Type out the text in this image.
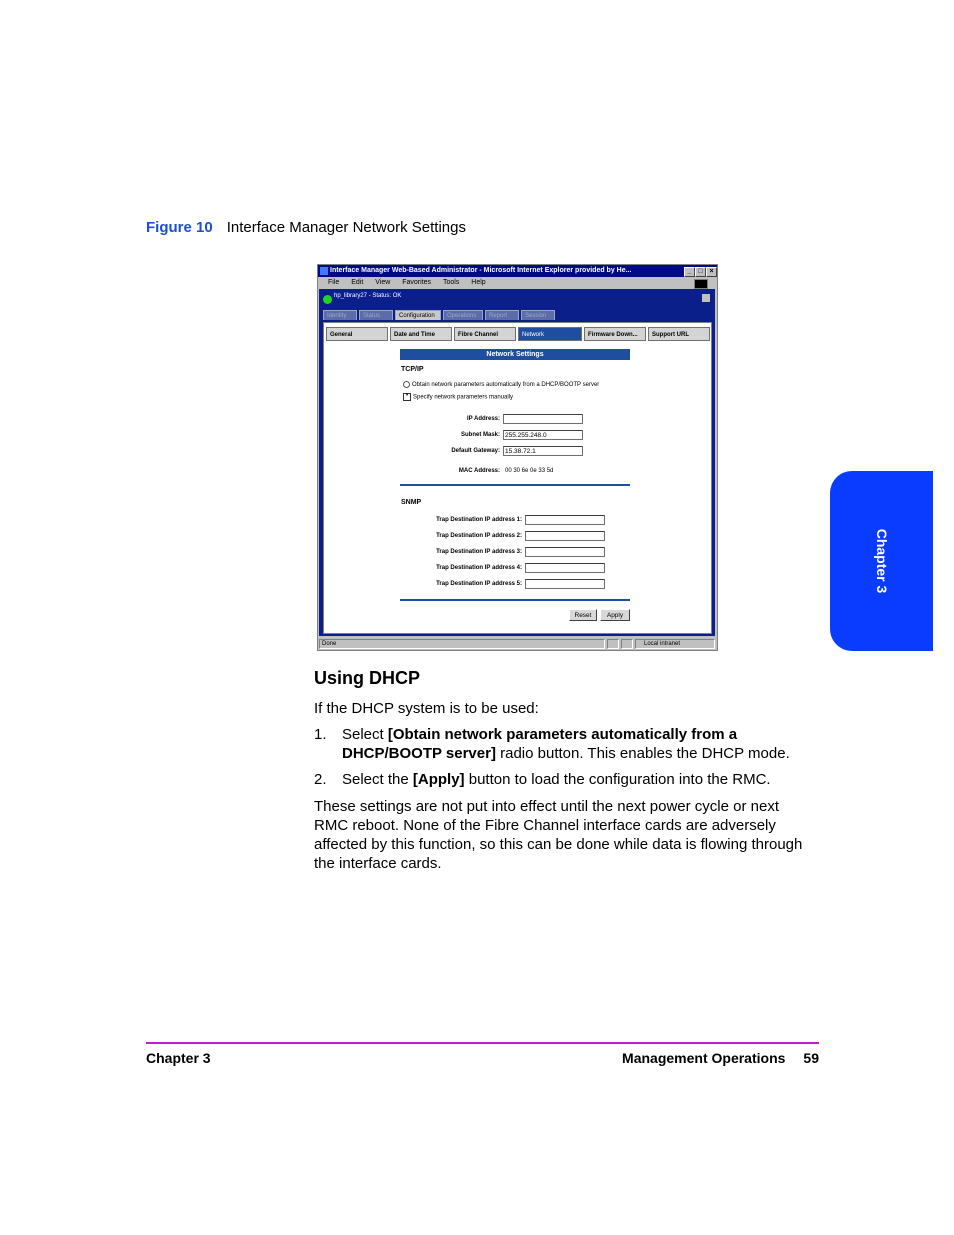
Figure 10 Interface Manager Network Settings
Chapter 3
Interface Manager Web-Based Administrator - Microsoft Internet Explorer provided by He...	_ □ ×
File Edit View Favorites Tools Help
hp_library27 - Status: OK
Identity	Status	Configuration	Operations	Report	Session
General	Date and Time	Fibre Channel	Network	Firmware Down...	Support URL
Network Settings
TCP/IP
Obtain network parameters automatically from a DHCP/BOOTP server
• Specify network parameters manually
IP Address:
Subnet Mask: 255.255.248.0
Default Gateway: 15.38.72.1
MAC Address: 00 30 6e 0e 33 5d
SNMP
Trap Destination IP address 1:
Trap Destination IP address 2:
Trap Destination IP address 3:
Trap Destination IP address 4:
Trap Destination IP address 5:
Reset	Apply
Done	Local intranet
Using DHCP
If the DHCP system is to be used:
1. Select [Obtain network parameters automatically from a DHCP/BOOTP server] radio button. This enables the DHCP mode.
2. Select the [Apply] button to load the configuration into the RMC.
These settings are not put into effect until the next power cycle or next RMC reboot. None of the Fibre Channel interface cards are adversely affected by this function, so this can be done while data is flowing through the interface cards.
Chapter 3	Management Operations 59
